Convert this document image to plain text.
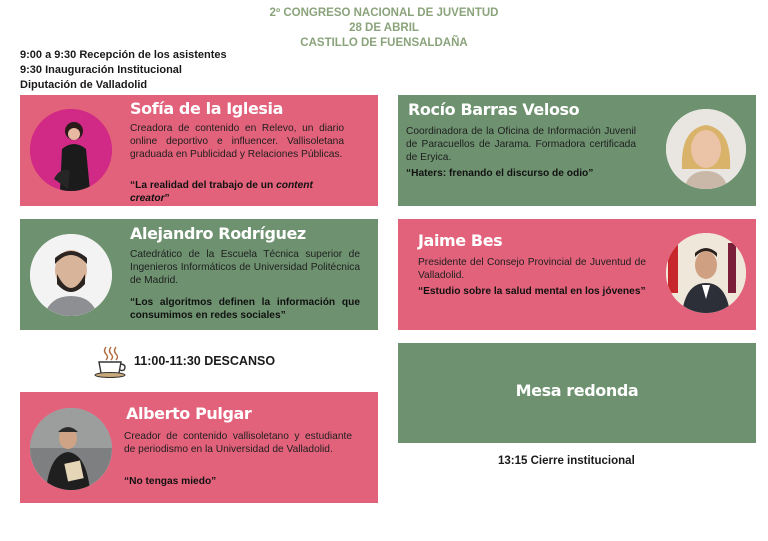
2º CONGRESO NACIONAL DE JUVENTUD
28 DE ABRIL
CASTILLO DE FUENSALDAÑA
9:00 a 9:30 Recepción de los asistentes
9:30 Inauguración Institucional
Diputación de Valladolid
Sofía de la Iglesia
Creadora de contenido en Relevo, un diario online deportivo e influencer. Vallisoletana graduada en Publicidad y Relaciones Públicas.
“La realidad del trabajo de un content creator”
Rocío Barras Veloso
Coordinadora de la Oficina de Información Juvenil de Paracuellos de Jarama. Formadora certificada de Eryica.
“Haters: frenando el discurso de odio”
Alejandro Rodríguez
Catedrático de la Escuela Técnica superior de Ingenieros Informáticos de Universidad Politécnica de Madrid.
“Los algoritmos definen la información que consumimos en redes sociales”
Jaime Bes
Presidente del Consejo Provincial de Juventud de Valladolid.
“Estudio sobre la salud mental en los jóvenes”
11:00-11:30 DESCANSO
Alberto Pulgar
Creador de contenido vallisoletano y estudiante de periodismo en la Universidad de Valladolid.
“No tengas miedo”
Mesa redonda
13:15 Cierre institucional
